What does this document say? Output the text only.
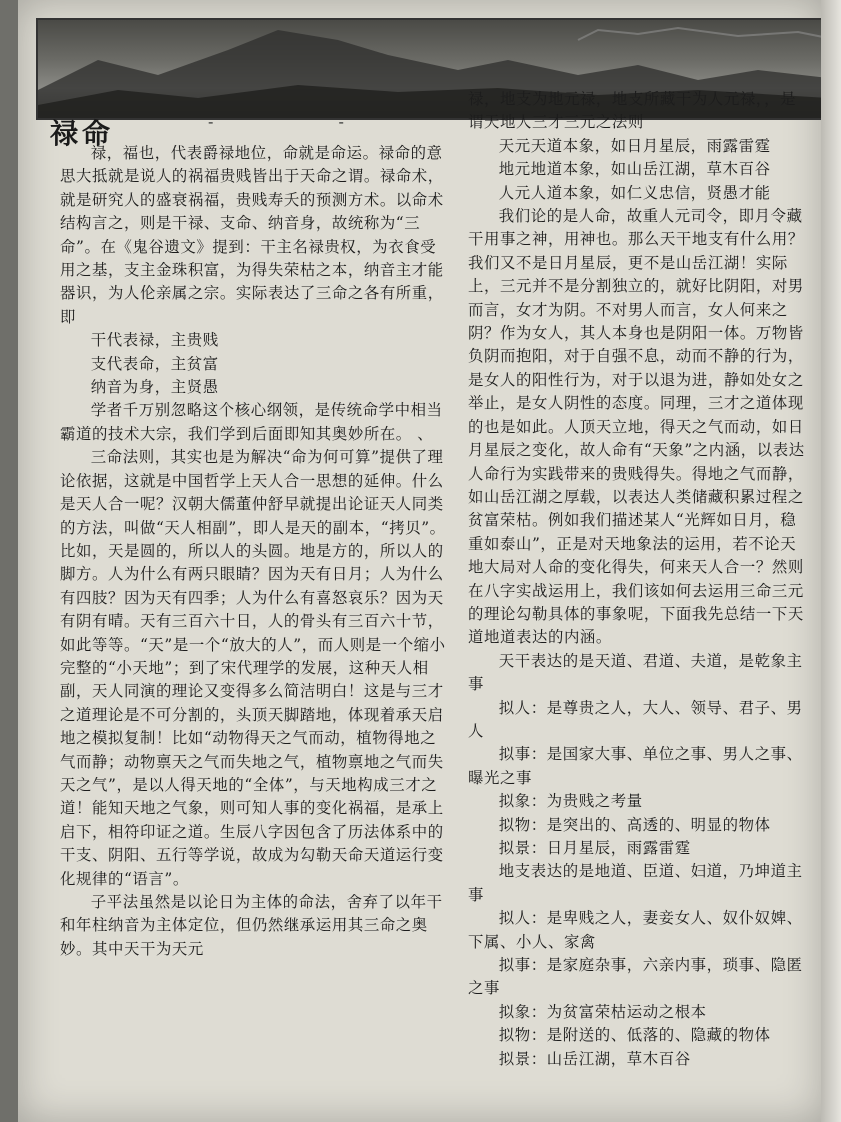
禄命	- -

禄，福也，代表爵禄地位，命就是命运。禄命的意思大抵就是说人的祸福贵贱皆出于天命之谓。禄命术，就是研究人的盛衰祸福，贵贱寿夭的预测方术。以命术结构言之，则是干禄、支命、纳音身，故统称为“三命”。在《鬼谷遗文》提到：干主名禄贵权，为衣食受用之基，支主金珠积富，为得失荣枯之本，纳音主才能器识，为人伦亲属之宗。实际表达了三命之各有所重，即

干代表禄，主贵贱

支代表命，主贫富

纳音为身，主贤愚

学者千万别忽略这个核心纲领，是传统命学中相当霸道的技术大宗，我们学到后面即知其奥妙所在。 、

三命法则，其实也是为解决“命为何可算”提供了理论依据，这就是中国哲学上天人合一思想的延伸。什么是天人合一呢？汉朝大儒董仲舒早就提出论证天人同类的方法，叫做“天人相副”，即人是天的副本，“拷贝”。比如，天是圆的，所以人的头圆。地是方的，所以人的脚方。人为什么有两只眼睛？因为天有日月；人为什么有四肢？因为天有四季；人为什么有喜怒哀乐？因为天有阴有晴。天有三百六十日，人的骨头有三百六十节，如此等等。“天”是一个“放大的人”，而人则是一个缩小完整的“小天地”；到了宋代理学的发展，这种天人相副，天人同演的理论又变得多么简洁明白！这是与三才之道理论是不可分割的，头顶天脚踏地，体现着承天启地之模拟复制！比如“动物得天之气而动，植物得地之气而静；动物禀天之气而失地之气，植物禀地之气而失天之气”，是以人得天地的“全体”，与天地构成三才之道！能知天地之气象，则可知人事的变化祸福，是承上启下，相符印证之道。生辰八字因包含了历法体系中的干支、阴阳、五行等学说，故成为勾勒天命天道运行变化规律的“语言”。

子平法虽然是以论日为主体的命法，舍弃了以年干和年柱纳音为主体定位，但仍然继承运用其三命之奥妙。其中天干为天元

禄，地支为地元禄，地支所藏干为人元禄，，是谓天地人三才三元之法则

天元天道本象，如日月星辰，雨露雷霆

地元地道本象，如山岳江湖，草木百谷

人元人道本象，如仁义忠信，贤愚才能

我们论的是人命，故重人元司令，即月令藏干用事之神，用神也。那么天干地支有什么用？我们又不是日月星辰，更不是山岳江湖！实际上，三元并不是分割独立的，就好比阴阳，对男而言，女才为阴。不对男人而言，女人何来之阴？作为女人，其人本身也是阴阳一体。万物皆负阴而抱阳，对于自强不息，动而不静的行为，是女人的阳性行为，对于以退为进，静如处女之举止，是女人阴性的态度。同理，三才之道体现的也是如此。人顶天立地，得天之气而动，如日月星辰之变化，故人命有“天象”之内涵，以表达人命行为实践带来的贵贱得失。得地之气而静，如山岳江湖之厚载，以表达人类储藏积累过程之贫富荣枯。例如我们描述某人“光辉如日月，稳重如泰山”，正是对天地象法的运用，若不论天地大局对人命的变化得失，何来天人合一？然则在八字实战运用上，我们该如何去运用三命三元的理论勾勒具体的事象呢，下面我先总结一下天道地道表达的内涵。

天干表达的是天道、君道、夫道，是乾象主事

拟人：是尊贵之人，大人、领导、君子、男人

拟事：是国家大事、单位之事、男人之事、曝光之事

拟象：为贵贱之考量

拟物：是突出的、高透的、明显的物体

拟景：日月星辰，雨露雷霆

地支表达的是地道、臣道、妇道，乃坤道主事

拟人：是卑贱之人，妻妾女人、奴仆奴婢、下属、小人、家禽

拟事：是家庭杂事，六亲内事，琐事、隐匿之事

拟象：为贫富荣枯运动之根本

拟物：是附送的、低落的、隐藏的物体

拟景：山岳江湖，草木百谷
